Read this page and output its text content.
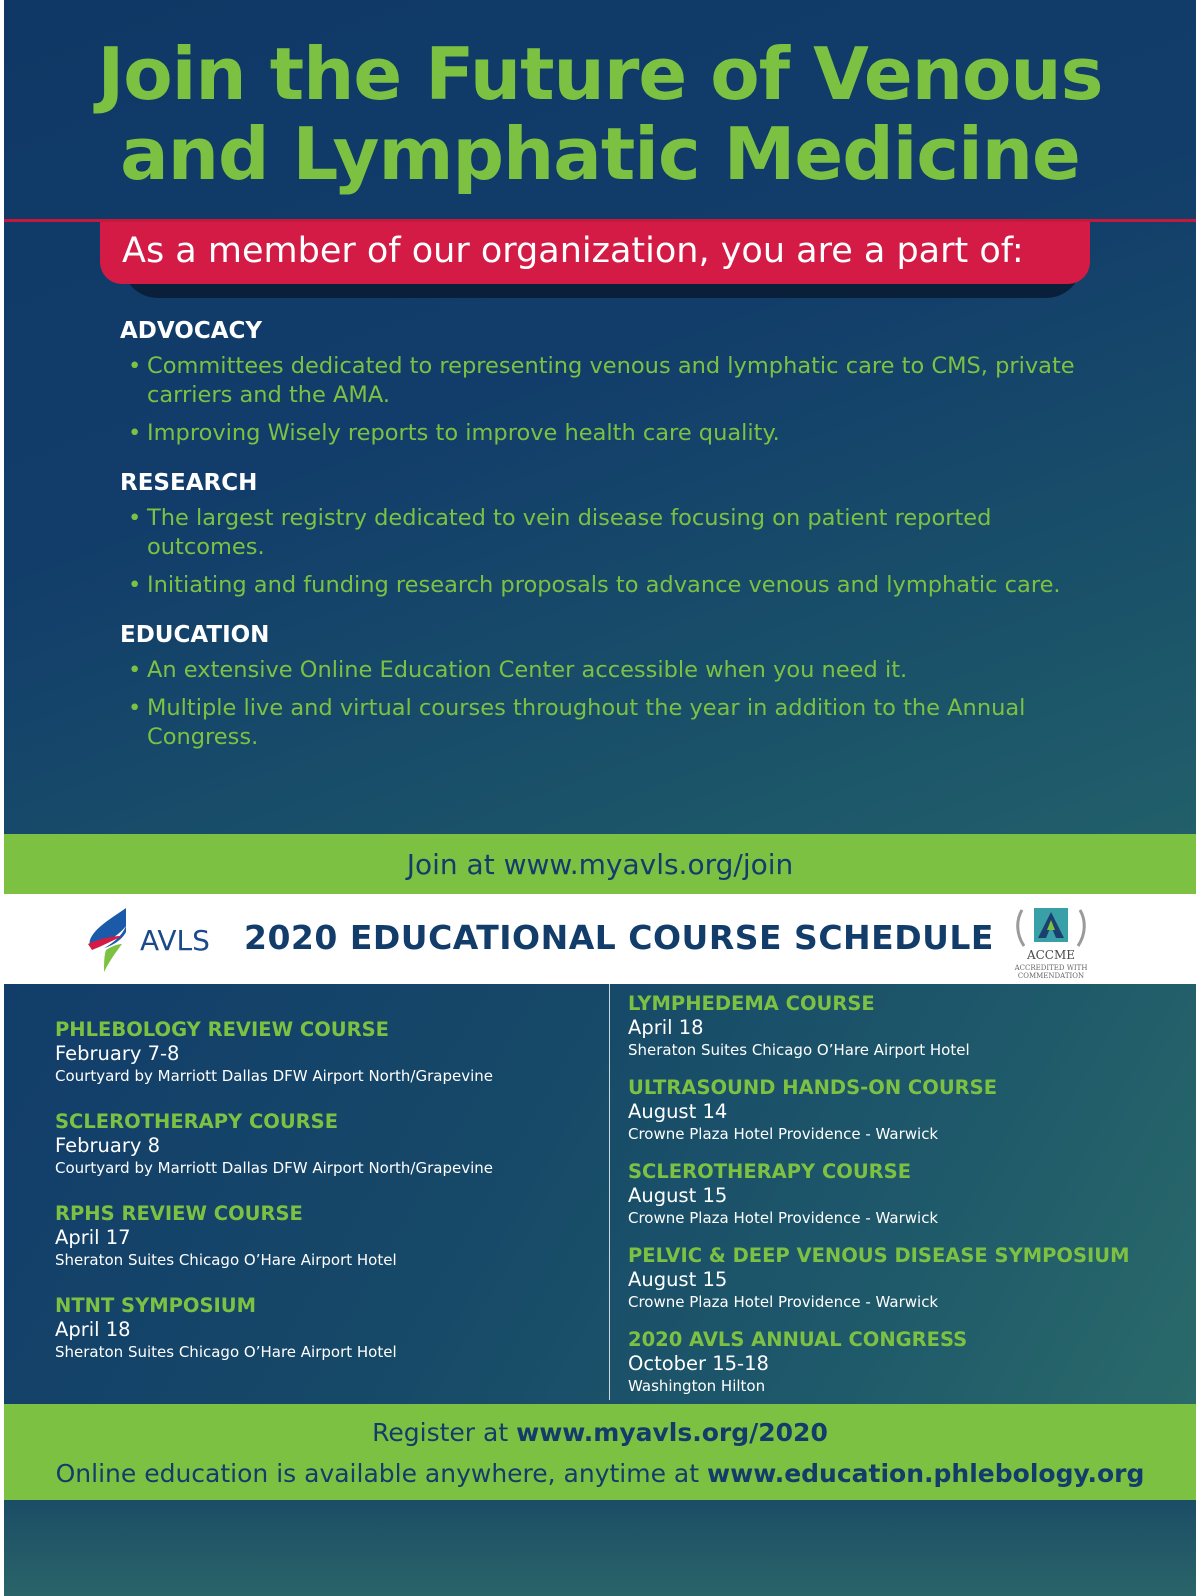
Join the Future of Venous
and Lymphatic Medicine
As a member of our organization, you are a part of:
ADVOCACY
• Committees dedicated to representing venous and lymphatic care to CMS, private carriers and the AMA.
• Improving Wisely reports to improve health care quality.
RESEARCH
• The largest registry dedicated to vein disease focusing on patient reported outcomes.
• Initiating and funding research proposals to advance venous and lymphatic care.
EDUCATION
• An extensive Online Education Center accessible when you need it.
• Multiple live and virtual courses throughout the year in addition to the Annual Congress.
Join at www.myavls.org/join
AVLS 2020 EDUCATIONAL COURSE SCHEDULE	ACCME
ACCREDITED WITH COMMENDATION
PHLEBOLOGY REVIEW COURSE
February 7-8
Courtyard by Marriott Dallas DFW Airport North/Grapevine
SCLEROTHERAPY COURSE
February 8
Courtyard by Marriott Dallas DFW Airport North/Grapevine
RPHS REVIEW COURSE
April 17
Sheraton Suites Chicago O’Hare Airport Hotel
NTNT SYMPOSIUM
April 18
Sheraton Suites Chicago O’Hare Airport Hotel
LYMPHEDEMA COURSE
April 18
Sheraton Suites Chicago O’Hare Airport Hotel
ULTRASOUND HANDS-ON COURSE
August 14
Crowne Plaza Hotel Providence - Warwick
SCLEROTHERAPY COURSE
August 15
Crowne Plaza Hotel Providence - Warwick
PELVIC & DEEP VENOUS DISEASE SYMPOSIUM
August 15
Crowne Plaza Hotel Providence - Warwick
2020 AVLS ANNUAL CONGRESS
October 15-18
Washington Hilton
Register at www.myavls.org/2020
Online education is available anywhere, anytime at www.education.phlebology.org
